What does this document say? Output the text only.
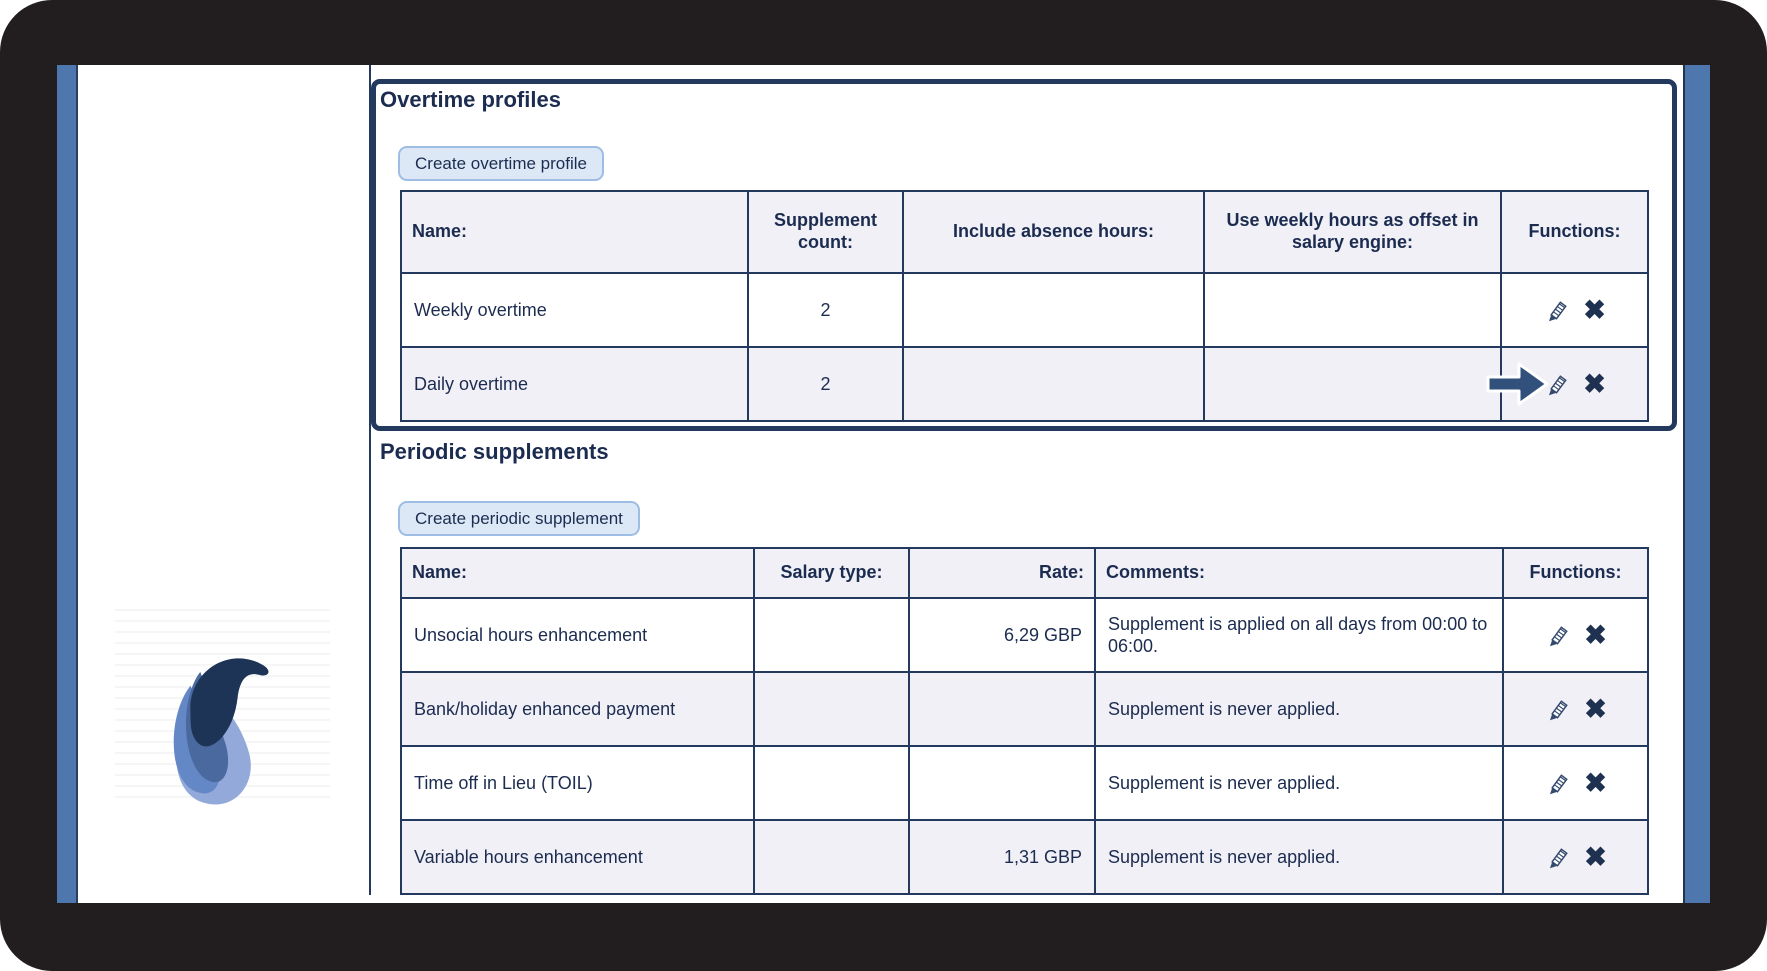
Overtime profiles
Create overtime profile
Name:	Supplement count:	Include absence hours:	Use weekly hours as offset in salary engine:	Functions:
Weekly overtime	2			✖

Daily overtime	2			✖
Periodic supplements
Create periodic supplement
Name:	Salary type:	Rate:	Comments:	Functions:
Unsocial hours enhancement		6,29 GBP	Supplement is applied on all days from 00:00 to 06:00.	✖

Bank/holiday enhanced payment			Supplement is never applied.	✖

Time off in Lieu (TOIL)			Supplement is never applied.	✖

Variable hours enhancement		1,31 GBP	Supplement is never applied.	✖
